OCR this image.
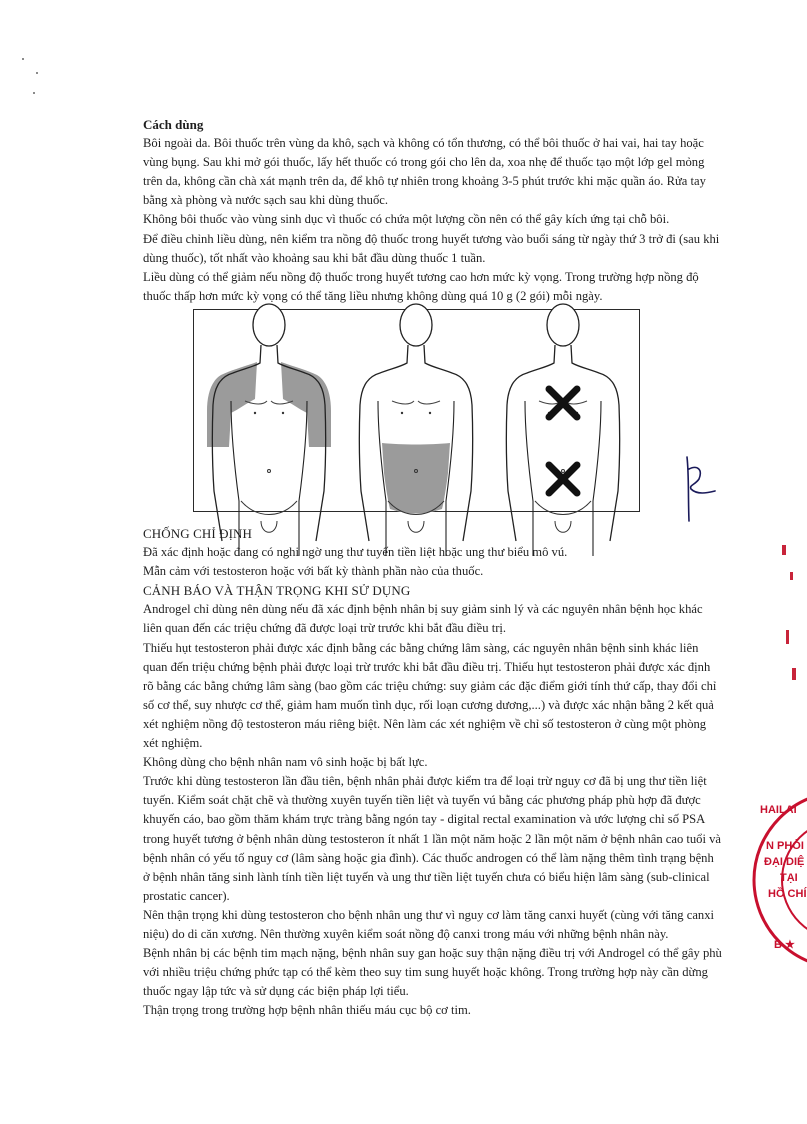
Cách dùng

Bôi ngoài da. Bôi thuốc trên vùng da khô, sạch và không có tổn thương, có thể bôi thuốc ở hai vai, hai tay hoặc vùng bụng. Sau khi mở gói thuốc, lấy hết thuốc có trong gói cho lên da, xoa nhẹ để thuốc tạo một lớp gel mỏng trên da, không cần chà xát mạnh trên da, để khô tự nhiên trong khoảng 3-5 phút trước khi mặc quần áo. Rửa tay bằng xà phòng và nước sạch sau khi dùng thuốc.

Không bôi thuốc vào vùng sinh dục vì thuốc có chứa một lượng cồn nên có thể gây kích ứng tại chỗ bôi.

Để điều chỉnh liều dùng, nên kiểm tra nồng độ thuốc trong huyết tương vào buổi sáng từ ngày thứ 3 trở đi (sau khi dùng thuốc), tốt nhất vào khoảng sau khi bắt đầu dùng thuốc 1 tuần.

Liều dùng có thể giảm nếu nồng độ thuốc trong huyết tương cao hơn mức kỳ vọng. Trong trường hợp nồng độ thuốc thấp hơn mức kỳ vọng có thể tăng liều nhưng không dùng quá 10 g (2 gói) mỗi ngày.

CHỐNG CHỈ ĐỊNH

Đã xác định hoặc đang có nghi ngờ ung thư tuyến tiền liệt hoặc ung thư biểu mô vú.

Mẫn cảm với testosteron hoặc với bất kỳ thành phần nào của thuốc.

CẢNH BÁO VÀ THẬN TRỌNG KHI SỬ DỤNG

Androgel chỉ dùng nên dùng nếu đã xác định bệnh nhân bị suy giảm sinh lý và các nguyên nhân bệnh học khác liên quan đến các triệu chứng đã được loại trừ trước khi bắt đầu điều trị.

Thiếu hụt testosteron phải được xác định bằng các bằng chứng lâm sàng, các nguyên nhân bệnh sinh khác liên quan đến triệu chứng bệnh phải được loại trừ trước khi bắt đầu điều trị. Thiếu hụt testosteron phải được xác định rõ bằng các bằng chứng lâm sàng (bao gồm các triệu chứng: suy giảm các đặc điểm giới tính thứ cấp, thay đổi chỉ số cơ thể, suy nhược cơ thể, giảm ham muốn tình dục, rối loạn cương dương,...) và được xác nhận bằng 2 kết quả xét nghiệm nồng độ testosteron máu riêng biệt. Nên làm các xét nghiệm về chỉ số testosteron ở cùng một phòng xét nghiệm.

Không dùng cho bệnh nhân nam vô sinh hoặc bị bất lực.

Trước khi dùng testosteron lần đầu tiên, bệnh nhân phải được kiểm tra để loại trừ nguy cơ đã bị ung thư tiền liệt tuyến. Kiểm soát chặt chẽ và thường xuyên tuyến tiền liệt và tuyến vú bằng các phương pháp phù hợp đã được khuyến cáo, bao gồm thăm khám trực tràng bằng ngón tay - digital rectal examination và ước lượng chỉ số PSA trong huyết tương ở bệnh nhân dùng testosteron ít nhất 1 lần một năm hoặc 2 lần một năm ở bệnh nhân cao tuổi và bệnh nhân có yếu tố nguy cơ (lâm sàng hoặc gia đình). Các thuốc androgen có thể làm nặng thêm tình trạng bệnh ở bệnh nhân tăng sinh lành tính tiền liệt tuyến và ung thư tiền liệt tuyến chưa có biểu hiện lâm sàng (sub-clinical prostatic cancer).

Nên thận trọng khi dùng testosteron cho bệnh nhân ung thư vì nguy cơ làm tăng canxi huyết (cùng với tăng canxi niệu) do di căn xương. Nên thường xuyên kiểm soát nồng độ canxi trong máu với những bệnh nhân này.

Bệnh nhân bị các bệnh tim mạch nặng, bệnh nhân suy gan hoặc suy thận nặng điều trị với Androgel có thể gây phù với nhiều triệu chứng phức tạp có thể kèm theo suy tim sung huyết hoặc không. Trong trường hợp này cần dừng thuốc ngay lập tức và sử dụng các biện pháp lợi tiểu.

Thận trọng trong trường hợp bệnh nhân thiếu máu cục bộ cơ tim.

HAILAI
N PHÒI
ĐẠI DIỆ
TẠI
HỒ CHÍ
B ★
